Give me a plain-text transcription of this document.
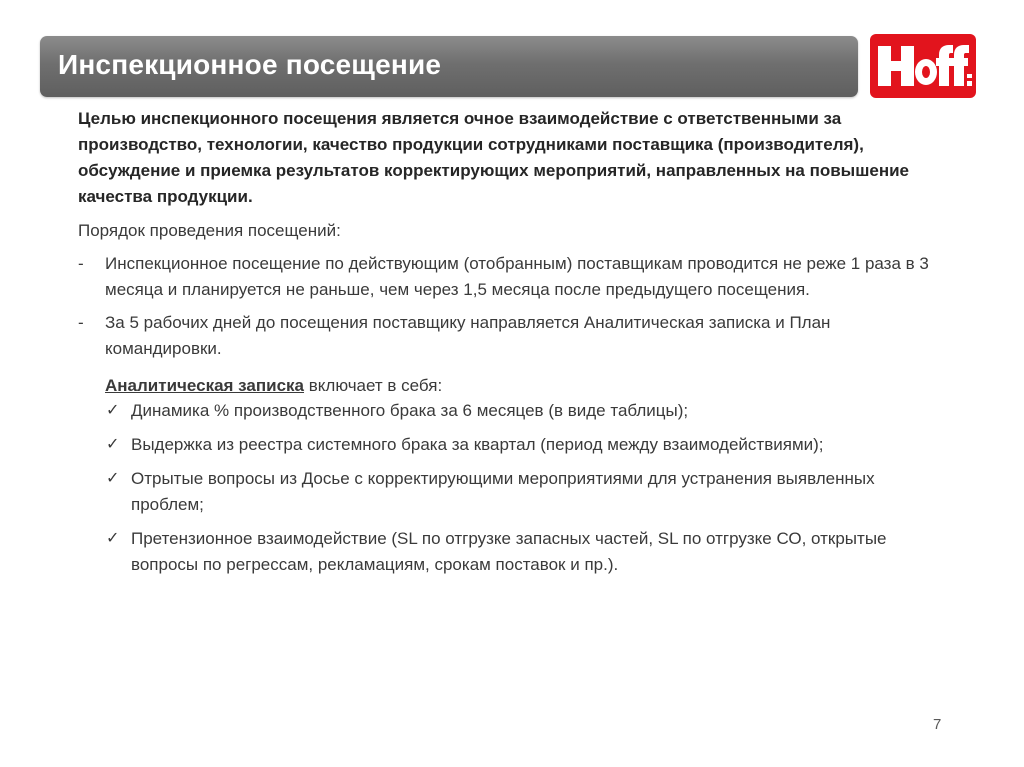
Инспекционное посещение

Целью инспекционного посещения является очное взаимодействие с ответственными за производство, технологии, качество продукции сотрудниками поставщика (производителя), обсуждение и приемка результатов корректирующих мероприятий, направленных на повышение качества продукции.

Порядок проведения посещений:

- Инспекционное посещение по действующим (отобранным) поставщикам проводится не реже 1 раза в 3 месяца и планируется не раньше, чем через 1,5 месяца после предыдущего посещения.
- За 5 рабочих дней до посещения поставщику направляется Аналитическая записка и План командировки.
Аналитическая записка включает в себя:
✓ Динамика % производственного брака за 6 месяцев (в виде таблицы);
✓ Выдержка из реестра системного брака за квартал (период между взаимодействиями);
✓ Отрытые вопросы из Досье с корректирующими мероприятиями для устранения выявленных проблем;
✓ Претензионное взаимодействие (SL по отгрузке запасных частей, SL по отгрузке СО, открытые вопросы по регрессам, рекламациям, срокам поставок и пр.).
7
